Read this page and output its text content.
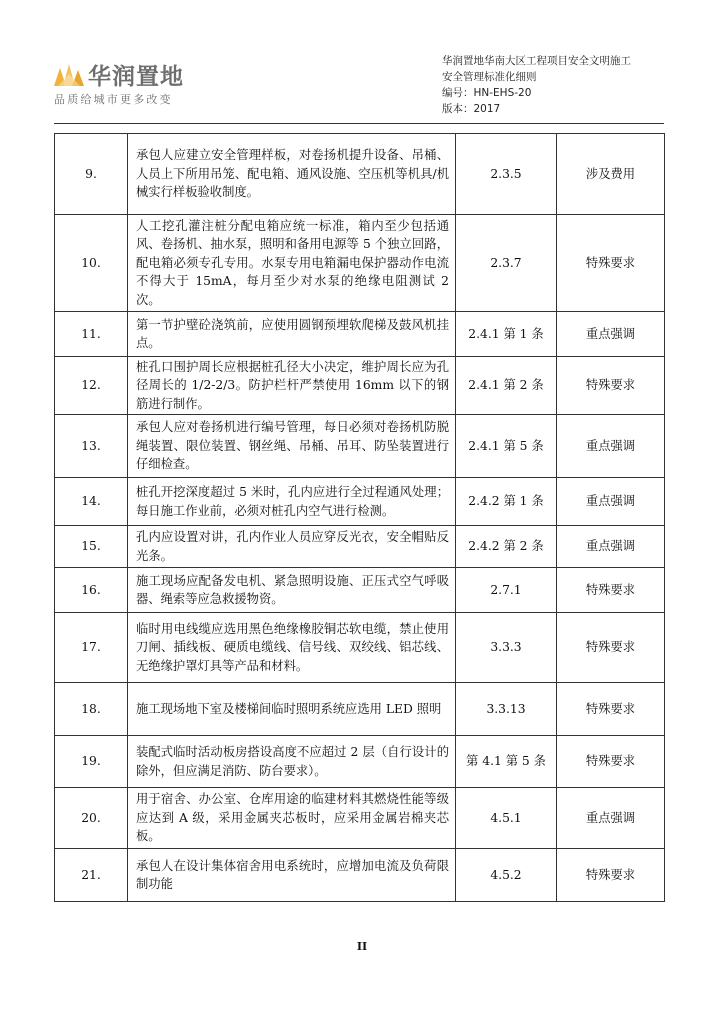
华润置地
品质给城市更多改变
华润置地华南大区工程项目安全文明施工
安全管理标准化细则
编号：HN-EHS-20
版本：2017
9.	承包人应建立安全管理样板，对卷扬机提升设备、吊桶、人员上下所用吊笼、配电箱、通风设施、空压机等机具/机械实行样板验收制度。	2.3.5	涉及费用
10.	人工挖孔灌注桩分配电箱应统一标准，箱内至少包括通风、卷扬机、抽水泵，照明和备用电源等 5 个独立回路，配电箱必须专孔专用。水泵专用电箱漏电保护器动作电流不得大于 15mA，每月至少对水泵的绝缘电阻测试 2 次。	2.3.7	特殊要求
11.	第一节护壁砼浇筑前，应使用圆钢预埋软爬梯及鼓风机挂点。	2.4.1 第 1 条	重点强调
12.	桩孔口围护周长应根据桩孔径大小决定，维护周长应为孔径周长的 1/2-2/3。防护栏杆严禁使用 16mm 以下的钢筋进行制作。	2.4.1 第 2 条	特殊要求
13.	承包人应对卷扬机进行编号管理，每日必须对卷扬机防脱绳装置、限位装置、钢丝绳、吊桶、吊耳、防坠装置进行仔细检查。	2.4.1 第 5 条	重点强调
14.	桩孔开挖深度超过 5 米时，孔内应进行全过程通风处理；每日施工作业前，必须对桩孔内空气进行检测。	2.4.2 第 1 条	重点强调
15.	孔内应设置对讲，孔内作业人员应穿反光衣，安全帽贴反光条。	2.4.2 第 2 条	重点强调
16.	施工现场应配备发电机、紧急照明设施、正压式空气呼吸器、绳索等应急救援物资。	2.7.1	特殊要求
17.	临时用电线缆应选用黑色绝缘橡胶铜芯软电缆，禁止使用刀闸、插线板、硬质电缆线、信号线、双绞线、铝芯线、无绝缘护罩灯具等产品和材料。	3.3.3	特殊要求
18.	施工现场地下室及楼梯间临时照明系统应选用 LED 照明	3.3.13	特殊要求
19.	装配式临时活动板房搭设高度不应超过 2 层（自行设计的除外，但应满足消防、防台要求）。	第 4.1 第 5 条	特殊要求
20.	用于宿舍、办公室、仓库用途的临建材料其燃烧性能等级应达到 A 级，采用金属夹芯板时，应采用金属岩棉夹芯板。	4.5.1	重点强调
21.	承包人在设计集体宿舍用电系统时，应增加电流及负荷限制功能	4.5.2	特殊要求
II
